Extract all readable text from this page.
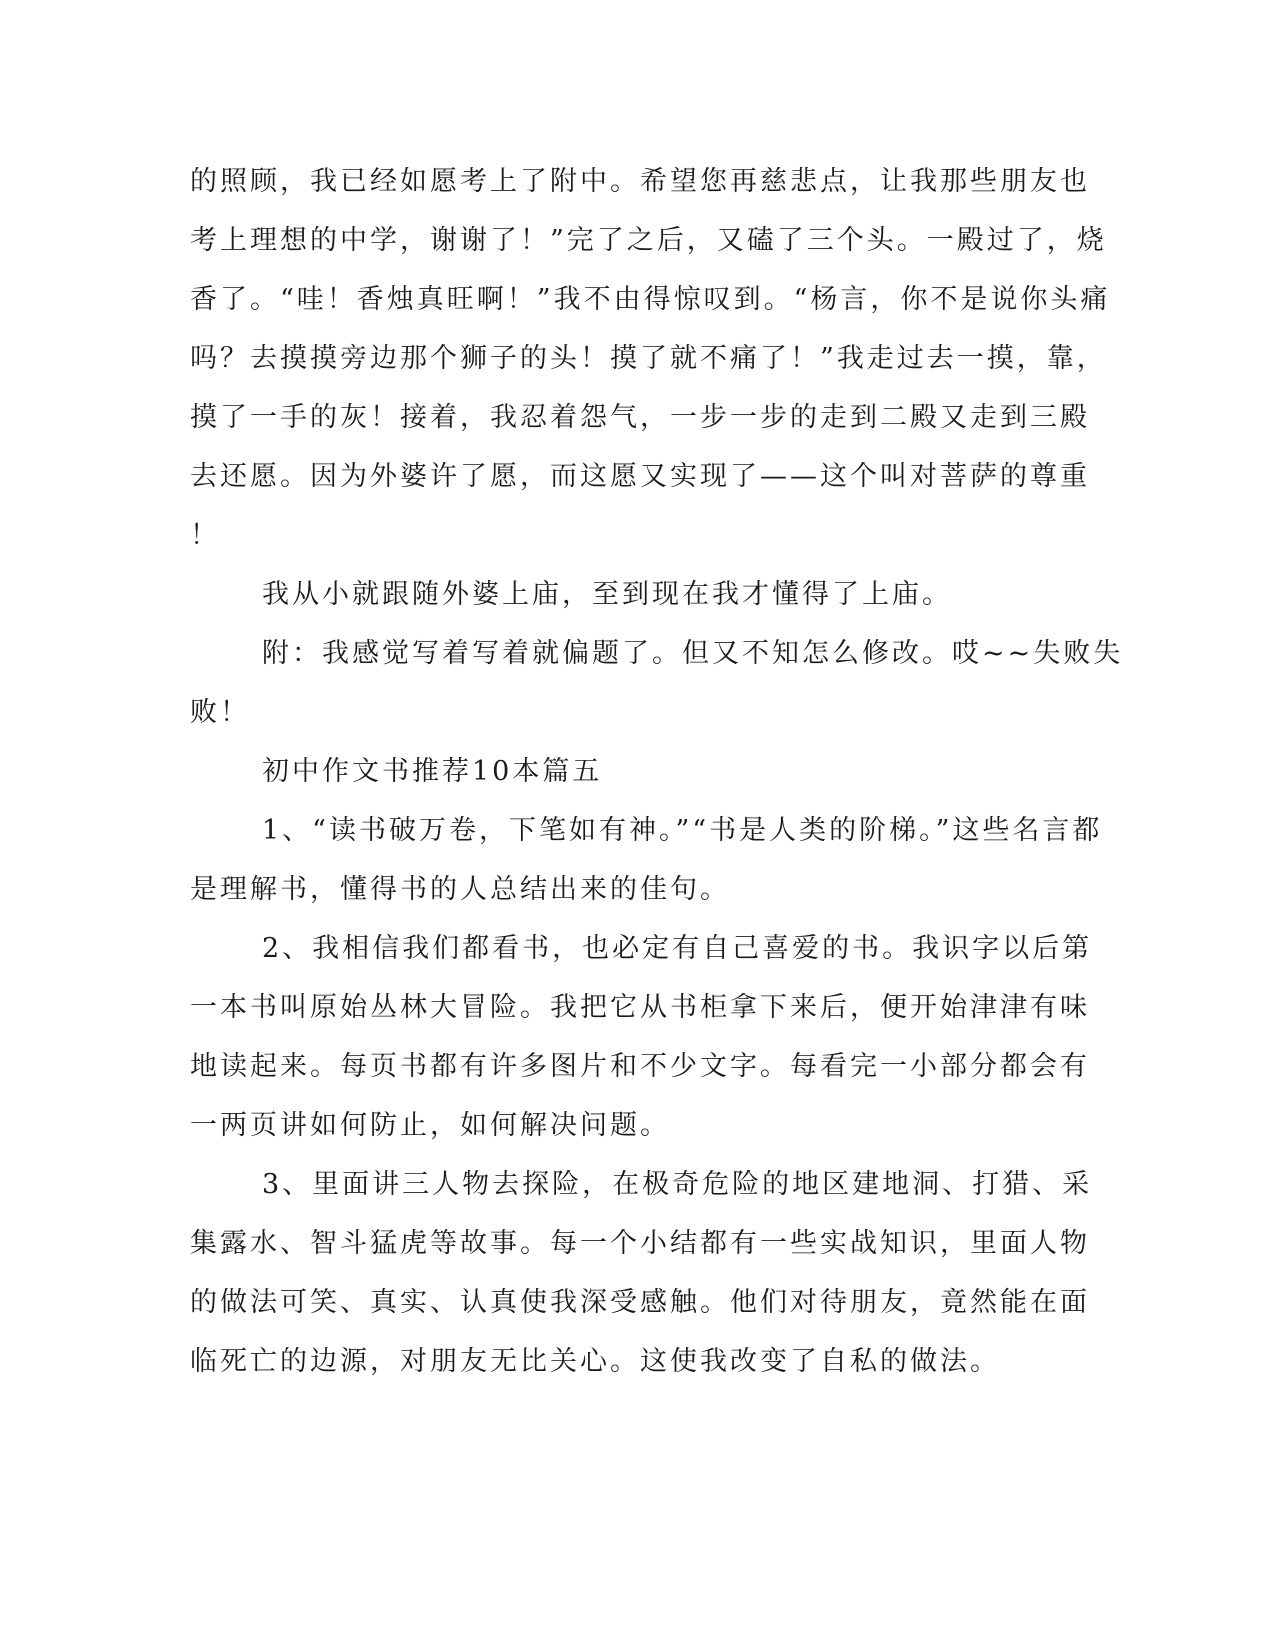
的照顾，我已经如愿考上了附中。希望您再慈悲点，让我那些朋友也
考上理想的中学，谢谢了！”完了之后，又磕了三个头。一殿过了，烧
香了。“哇！香烛真旺啊！”我不由得惊叹到。“杨言，你不是说你头痛
吗？去摸摸旁边那个狮子的头！摸了就不痛了！”我走过去一摸，靠，
摸了一手的灰！接着，我忍着怨气，一步一步的走到二殿又走到三殿
去还愿。因为外婆许了愿，而这愿又实现了——这个叫对菩萨的尊重
！
我从小就跟随外婆上庙，至到现在我才懂得了上庙。
附：我感觉写着写着就偏题了。但又不知怎么修改。哎~~失败失
败！
初中作文书推荐10本篇五
1、“读书破万卷，下笔如有神。”“书是人类的阶梯。”这些名言都
是理解书，懂得书的人总结出来的佳句。
2、我相信我们都看书，也必定有自己喜爱的书。我识字以后第
一本书叫原始丛林大冒险。我把它从书柜拿下来后，便开始津津有味
地读起来。每页书都有许多图片和不少文字。每看完一小部分都会有
一两页讲如何防止，如何解决问题。
3、里面讲三人物去探险，在极奇危险的地区建地洞、打猎、采
集露水、智斗猛虎等故事。每一个小结都有一些实战知识，里面人物
的做法可笑、真实、认真使我深受感触。他们对待朋友，竟然能在面
临死亡的边源，对朋友无比关心。这使我改变了自私的做法。
